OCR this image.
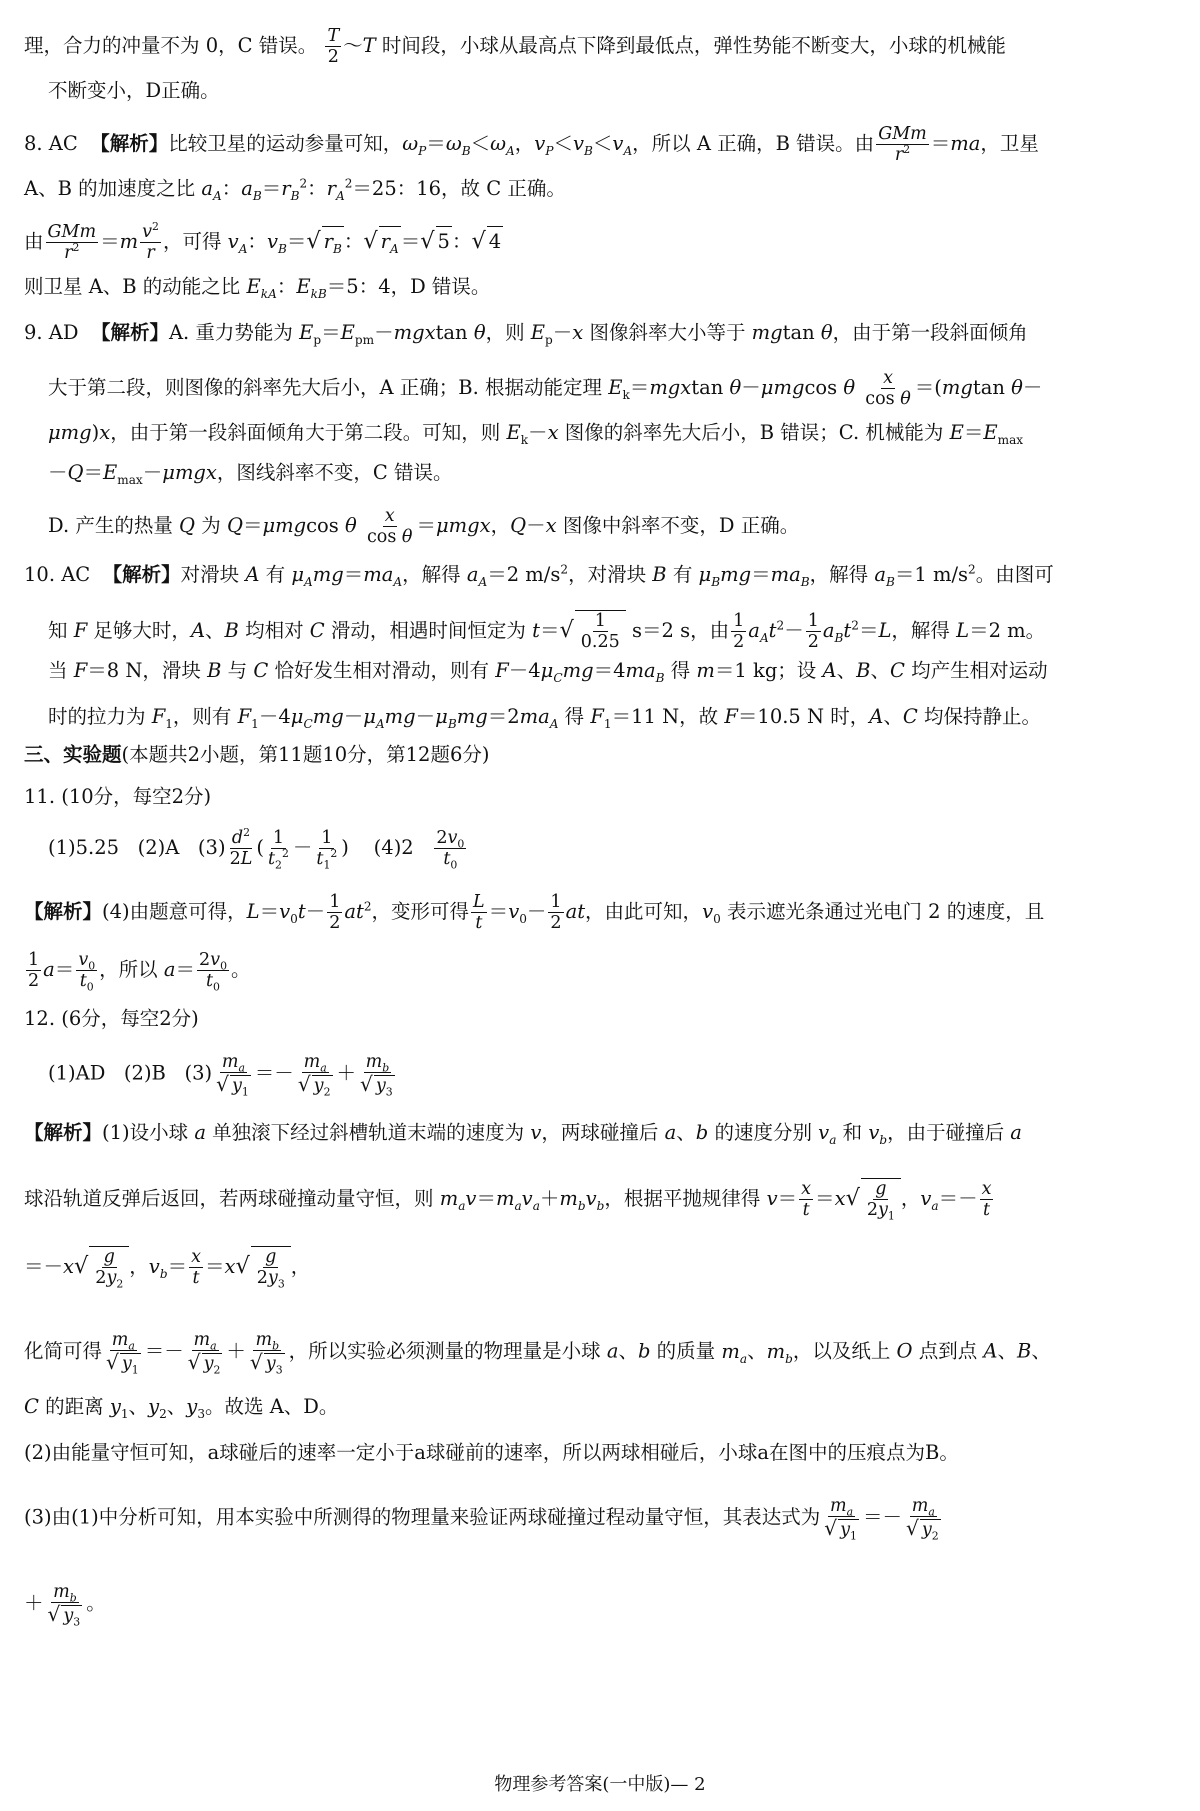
理，合力的冲量不为 0，C 错误。 $\frac{T}{2}$ ～T 时间段，小球从最高点下降到最低点，弹性势能不断变大，小球的机械能
不断变小，D正确。
8. AC 【解析】比较卫星的运动参量可知，$\omega_P=\omega_B<\omega_A$，$v_P<v_B<v_A$，所以 A 正确，B 错误。由 GMm
$r^2 =ma$，卫星
A、B 的加速度之比 $a_A$：$a_B=r_B^2$：$r_A^2=25$：16，故 C 正确。
由 GMm
$r^2 =m \frac{v^2}{r}$ ，可得 $v_A$：$v_B=√$ $r_B$ ：√ $r_A$ ＝√ 5 ：√ 4
则卫星 A、B 的动能之比 $E_{kA}$：$E_{kB}=5$：4，D 错误。
9. AD 【解析】A. 重力势能为 $E_p=E_{pm}-mgxtan$ θ，则 $E_p-x$ 图像斜率大小等于 mgtan θ，由于第一段斜面倾角
大于第二段，则图像的斜率先大后小，A 正确；B. 根据动能定理 $E_k=mgxtan$ θ－μmgcos θ $\frac{x}{\text{cos θ}} =(mgtan$ θ－
μmg)x，由于第一段斜面倾角大于第二段。可知，则 $E_k-x$ 图像的斜率先大后小，B 错误；C. 机械能为 $E=E_{max}$
$-Q=E_{max}-\mu mgx$，图线斜率不变，C 错误。
D. 产生的热量 Q 为 Q＝μmgcos θ $\frac{x}{\text{cos θ}} =\mu mgx$，Q－x 图像中斜率不变，D 正确。
10. AC 【解析】对滑块 A 有 $\mu_Amg=ma_A$，解得 $a_A=2$ $m/s^2$，对滑块 B 有 $\mu_Bmg=ma_B$，解得 $a_B=1$ $m/s^2$。由图可
知 F 足够大时，A、B 均相对 C 滑动，相遇时间恒定为 $t=√ \frac{1}{0.25} s=2$ s，由 $\frac{1}{2} a_At^2- \frac{1}{2} a_Bt^2=L$，解得 L＝2 m。
当 F＝8 N，滑块 B 与 C 恰好发生相对滑动，则有 $F-4\mu_Cmg=4ma_B$ 得 m＝1 kg；设 A、B、C 均产生相对运动
时的拉力为 $F_1$，则有 $F_1-4\mu_Cmg-\mu_Amg-\mu_Bmg=2ma_A$ 得 $F_1=11$ N，故 F＝10.5 N 时，A、C 均保持静止。
三、实验题(本题共2小题，第11题10分，第12题6分)
11. (10分，每空2分)
(1)5.25   (2)A   $(3) \frac{d^2}{2L}$ ( $\frac{1}{t_2^2} - \frac{1}{t_1^2}$ )    $(4)2 \frac{2v_0}{t_0}$
【解析】(4)由题意可得，$L=v_0t- \frac{1}{2} at^2$，变形可得 $\frac{L}{t} =v_0- \frac{1}{2}$ at，由此可知，$v_0$ 表示遮光条通过光电门 2 的速度，且
$\frac{1}{2} a= \frac{v_0}{t_0}$ ，所以 $a= \frac{2v_0}{t_0}$ 。
12. (6分，每空2分)
(1)AD   (2)B   $(3) \frac{m_a}{√ y_1} =- \frac{m_a}{√ y_2} + \frac{m_b}{√ y_3}$
【解析】(1)设小球 a 单独滚下经过斜槽轨道末端的速度为 v，两球碰撞后 a、b 的速度分别 $v_a$ 和 $v_b$，由于碰撞后 a
球沿轨道反弹后返回，若两球碰撞动量守恒，则 $m_av=m_av_a+m_bv_b$，根据平抛规律得 $v= \frac{x}{t} =x√ \frac{g}{2y_1}$ ，$v_a=- \frac{x}{t}$
$=-x√ \frac{g}{2y_2}$ ，$v_b= \frac{x}{t} =x√ \frac{g}{2y_3}$ ，
化简可得 $\frac{m_a}{√ y_1} =- \frac{m_a}{√ y_2} + \frac{m_b}{√ y_3}$ ，所以实验必须测量的物理量是小球 a、b 的质量 $m_a$、$m_b$，以及纸上 O 点到点 A、B、
C 的距离 $y_1$、$y_2$、$y_3$。故选 A、D。
(2)由能量守恒可知，a球碰后的速率一定小于a球碰前的速率，所以两球相碰后，小球a在图中的压痕点为B。
(3)由(1)中分析可知，用本实验中所测得的物理量来验证两球碰撞过程动量守恒，其表达式为 $\frac{m_a}{√ y_1} =- \frac{m_a}{√ y_2}$
＋ $\frac{m_b}{√ y_3}$ 。
物理参考答案(一中版)— 2
